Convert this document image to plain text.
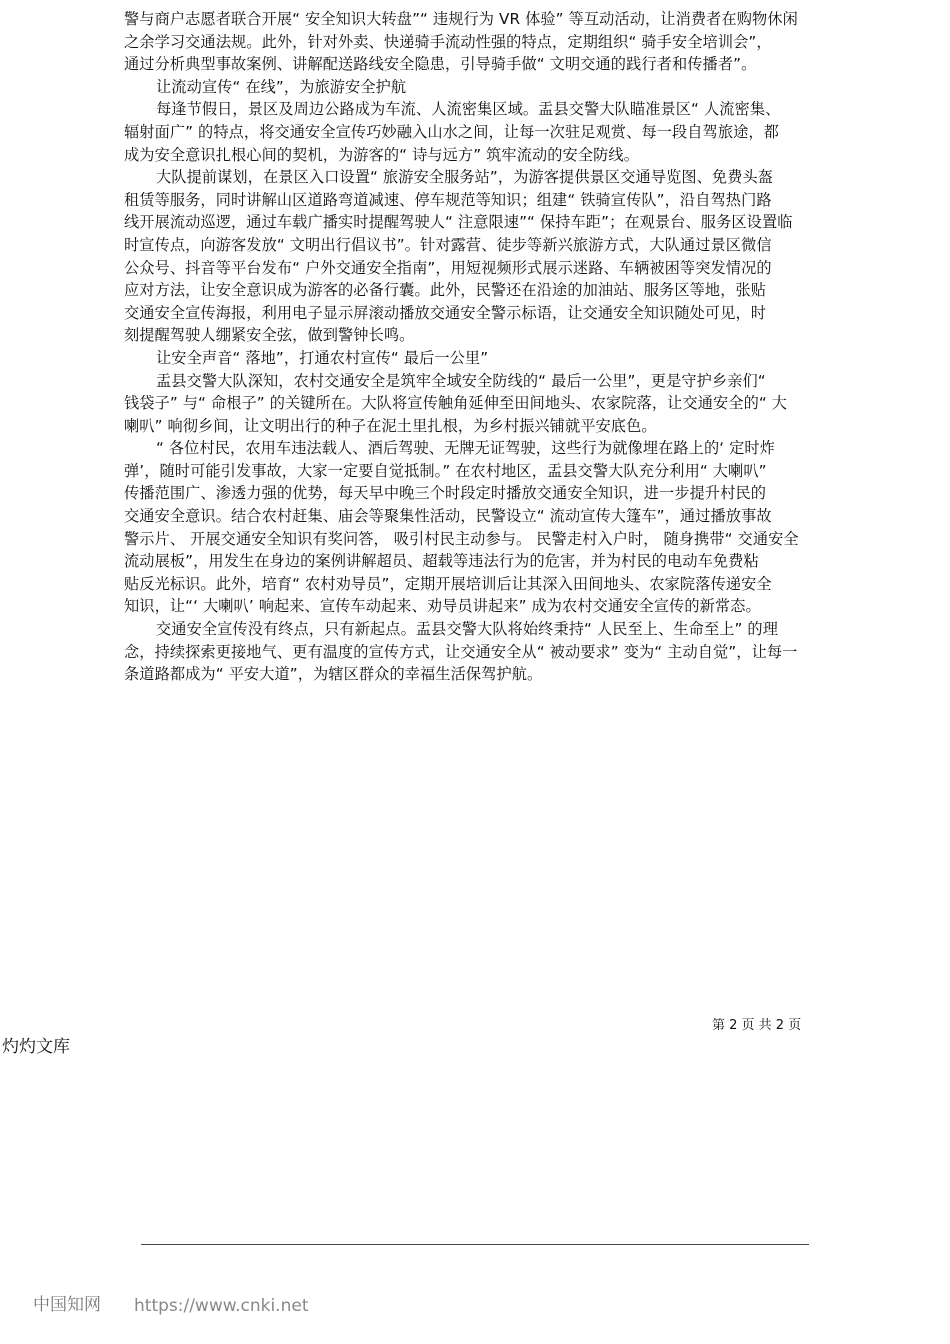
警与商户志愿者联合开展“ 安全知识大转盘”“ 违规行为 VR 体验” 等互动活动，让消费者在购物休闲
之余学习交通法规。此外，针对外卖、快递骑手流动性强的特点，定期组织“ 骑手安全培训会”，
通过分析典型事故案例、讲解配送路线安全隐患，引导骑手做“ 文明交通的践行者和传播者”。
让流动宣传“ 在线”，为旅游安全护航
每逢节假日，景区及周边公路成为车流、人流密集区域。盂县交警大队瞄准景区“ 人流密集、
辐射面广” 的特点，将交通安全宣传巧妙融入山水之间，让每一次驻足观赏、每一段自驾旅途，都
成为安全意识扎根心间的契机，为游客的“ 诗与远方” 筑牢流动的安全防线。
大队提前谋划，在景区入口设置“ 旅游安全服务站”，为游客提供景区交通导览图、免费头盔
租赁等服务，同时讲解山区道路弯道减速、停车规范等知识；组建“ 铁骑宣传队”，沿自驾热门路
线开展流动巡逻，通过车载广播实时提醒驾驶人“ 注意限速”“ 保持车距”；在观景台、服务区设置临
时宣传点，向游客发放“ 文明出行倡议书”。针对露营、徒步等新兴旅游方式，大队通过景区微信
公众号、抖音等平台发布“ 户外交通安全指南”，用短视频形式展示迷路、车辆被困等突发情况的
应对方法，让安全意识成为游客的必备行囊。此外，民警还在沿途的加油站、服务区等地，张贴
交通安全宣传海报，利用电子显示屏滚动播放交通安全警示标语，让交通安全知识随处可见，时
刻提醒驾驶人绷紧安全弦，做到警钟长鸣。
让安全声音“ 落地”，打通农村宣传“ 最后一公里”
盂县交警大队深知，农村交通安全是筑牢全域安全防线的“ 最后一公里”，更是守护乡亲们“
钱袋子” 与“ 命根子” 的关键所在。大队将宣传触角延伸至田间地头、农家院落，让交通安全的“ 大
喇叭” 响彻乡间，让文明出行的种子在泥土里扎根，为乡村振兴铺就平安底色。
“ 各位村民，农用车违法载人、酒后驾驶、无牌无证驾驶，这些行为就像埋在路上的‘ 定时炸
弹’，随时可能引发事故，大家一定要自觉抵制。” 在农村地区，盂县交警大队充分利用“ 大喇叭”
传播范围广、渗透力强的优势，每天早中晚三个时段定时播放交通安全知识，进一步提升村民的
交通安全意识。结合农村赶集、庙会等聚集性活动，民警设立“ 流动宣传大篷车”，通过播放事故
警示片、 开展交通安全知识有奖问答， 吸引村民主动参与。 民警走村入户时， 随身携带“ 交通安全
流动展板”，用发生在身边的案例讲解超员、超载等违法行为的危害，并为村民的电动车免费粘
贴反光标识。此外，培育“ 农村劝导员”，定期开展培训后让其深入田间地头、农家院落传递安全
知识，让“‘ 大喇叭’ 响起来、宣传车动起来、劝导员讲起来” 成为农村交通安全宣传的新常态。
交通安全宣传没有终点，只有新起点。盂县交警大队将始终秉持“ 人民至上、生命至上” 的理
念，持续探索更接地气、更有温度的宣传方式，让交通安全从“ 被动要求” 变为“ 主动自觉”，让每一
条道路都成为“ 平安大道”，为辖区群众的幸福生活保驾护航。
第 2 页 共 2 页
灼灼文库
中国知网 https://www.cnki.net
